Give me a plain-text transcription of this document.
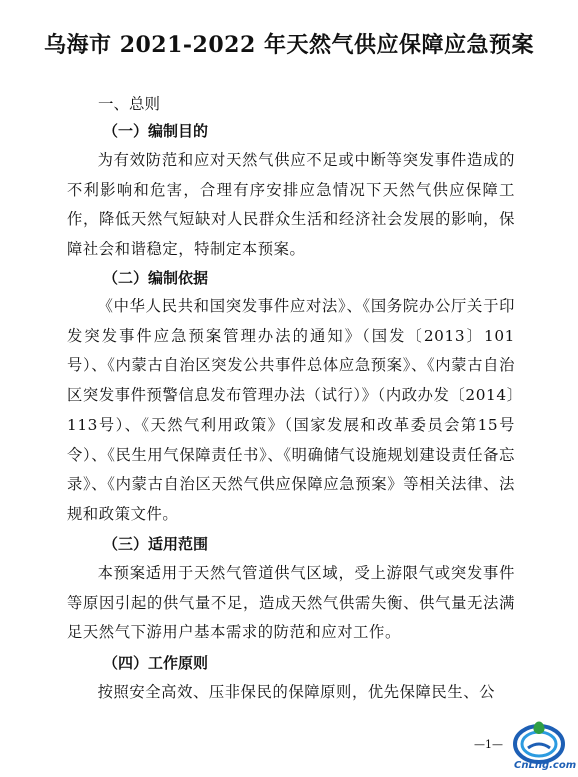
乌海市 2021-2022 年天然气供应保障应急预案
一、总则
（一）编制目的
为有效防范和应对天然气供应不足或中断等突发事件造成的不利影响和危害，合理有序安排应急情况下天然气供应保障工作，降低天然气短缺对人民群众生活和经济社会发展的影响，保障社会和谐稳定，特制定本预案。
（二）编制依据
《中华人民共和国突发事件应对法》、《国务院办公厅关于印发突发事件应急预案管理办法的通知》（国发〔2013〕101号）、《内蒙古自治区突发公共事件总体应急预案》、《内蒙古自治区突发事件预警信息发布管理办法（试行）》（内政办发〔2014〕113号）、《天然气利用政策》（国家发展和改革委员会第15号令）、《民生用气保障责任书》、《明确储气设施规划建设责任备忘录》、《内蒙古自治区天然气供应保障应急预案》等相关法律、法规和政策文件。
（三）适用范围
本预案适用于天然气管道供气区域，受上游限气或突发事件等原因引起的供气量不足，造成天然气供需失衡、供气量无法满足天然气下游用户基本需求的防范和应对工作。
（四）工作原则
按照安全高效、压非保民的保障原则，优先保障民生、公
—1—
CnLng.com
